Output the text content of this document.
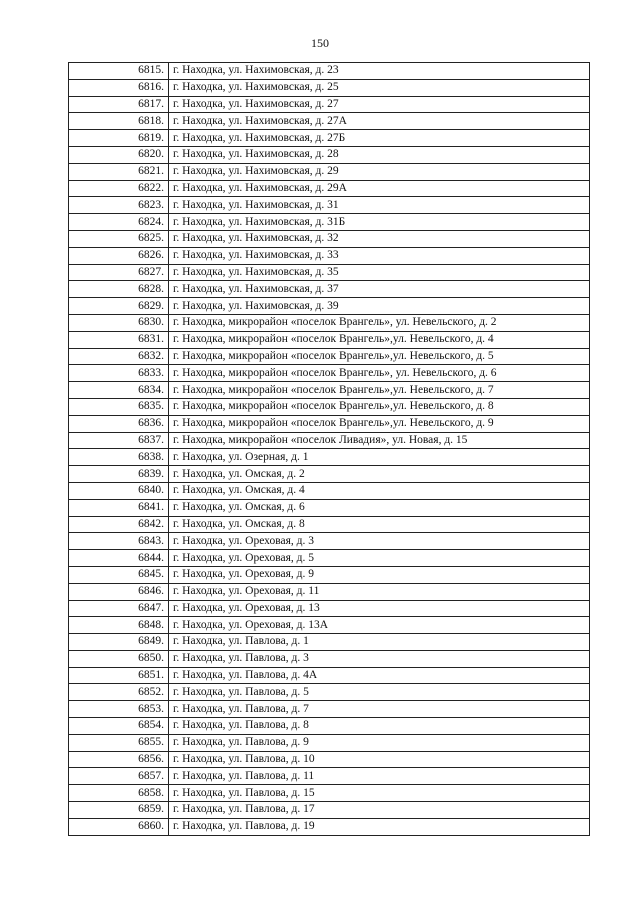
150
6815.	г. Находка, ул. Нахимовская, д. 23
6816.	г. Находка, ул. Нахимовская, д. 25
6817.	г. Находка, ул. Нахимовская, д. 27
6818.	г. Находка, ул. Нахимовская, д. 27А
6819.	г. Находка, ул. Нахимовская, д. 27Б
6820.	г. Находка, ул. Нахимовская, д. 28
6821.	г. Находка, ул. Нахимовская, д. 29
6822.	г. Находка, ул. Нахимовская, д. 29А
6823.	г. Находка, ул. Нахимовская, д. 31
6824.	г. Находка, ул. Нахимовская, д. 31Б
6825.	г. Находка, ул. Нахимовская, д. 32
6826.	г. Находка, ул. Нахимовская, д. 33
6827.	г. Находка, ул. Нахимовская, д. 35
6828.	г. Находка, ул. Нахимовская, д. 37
6829.	г. Находка, ул. Нахимовская, д. 39
6830.	г. Находка, микрорайон «поселок Врангель», ул. Невельского, д. 2
6831.	г. Находка, микрорайон «поселок Врангель»,ул. Невельского, д. 4
6832.	г. Находка, микрорайон «поселок Врангель»,ул. Невельского, д. 5
6833.	г. Находка, микрорайон «поселок Врангель», ул. Невельского, д. 6
6834.	г. Находка, микрорайон «поселок Врангель»,ул. Невельского, д. 7
6835.	г. Находка, микрорайон «поселок Врангель»,ул. Невельского, д. 8
6836.	г. Находка, микрорайон «поселок Врангель»,ул. Невельского, д. 9
6837.	г. Находка, микрорайон «поселок Ливадия», ул. Новая, д. 15
6838.	г. Находка, ул. Озерная, д. 1
6839.	г. Находка, ул. Омская, д. 2
6840.	г. Находка, ул. Омская, д. 4
6841.	г. Находка, ул. Омская, д. 6
6842.	г. Находка, ул. Омская, д. 8
6843.	г. Находка, ул. Ореховая, д. 3
6844.	г. Находка, ул. Ореховая, д. 5
6845.	г. Находка, ул. Ореховая, д. 9
6846.	г. Находка, ул. Ореховая, д. 11
6847.	г. Находка, ул. Ореховая, д. 13
6848.	г. Находка, ул. Ореховая, д. 13А
6849.	г. Находка, ул. Павлова, д. 1
6850.	г. Находка, ул. Павлова, д. 3
6851.	г. Находка, ул. Павлова, д. 4А
6852.	г. Находка, ул. Павлова, д. 5
6853.	г. Находка, ул. Павлова, д. 7
6854.	г. Находка, ул. Павлова, д. 8
6855.	г. Находка, ул. Павлова, д. 9
6856.	г. Находка, ул. Павлова, д. 10
6857.	г. Находка, ул. Павлова, д. 11
6858.	г. Находка, ул. Павлова, д. 15
6859.	г. Находка, ул. Павлова, д. 17
6860.	г. Находка, ул. Павлова, д. 19
